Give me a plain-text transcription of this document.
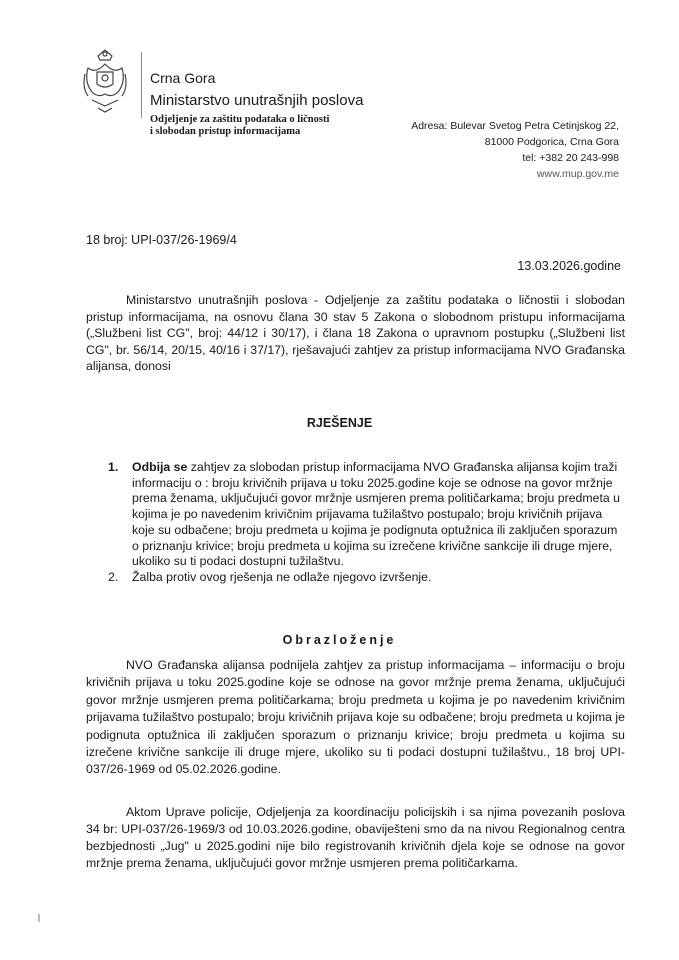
Crna Gora
Ministarstvo unutrašnjih poslova
Odjeljenje za zaštitu podataka o ličnosti
i slobodan pristup informacijama	Adresa: Bulevar Svetog Petra Cetinjskog 22,
81000 Podgorica, Crna Gora
tel: +382 20 243-998
www.mup.gov.me
18 broj: UPI-037/26-1969/4
13.03.2026.godine
Ministarstvo unutrašnjih poslova - Odjeljenje za zaštitu podataka o ličnostii i slobodan pristup informacijama, na osnovu člana 30 stav 5 Zakona o slobodnom pristupu informacijama („Službeni list CG", broj: 44/12 i 30/17), i člana 18 Zakona o upravnom postupku („Službeni list CG", br. 56/14, 20/15, 40/16 i 37/17), rješavajući zahtjev za pristup informacijama NVO Građanska alijansa, donosi
RJEŠENJE
1.	Odbija se zahtjev za slobodan pristup informacijama NVO Građanska alijansa kojim traži informaciju o : broju krivičnih prijava u toku 2025.godine koje se odnose na govor mržnje prema ženama, uključujući govor mržnje usmjeren prema političarkama; broju predmeta u kojima je po navedenim krivičnim prijavama tužilaštvo postupalo; broju krivičnih prijava koje su odbačene; broju predmeta u kojima je podignuta optužnica ili zaključen sporazum o priznanju krivice; broju predmeta u kojima su izrečene krivične sankcije ili druge mjere, ukoliko su ti podaci dostupni tužilaštvu.
2.	Žalba protiv ovog rješenja ne odlaže njegovo izvršenje.
Obrazloženje
NVO Građanska alijansa podnijela zahtjev za pristup informacijama – informaciju o broju krivičnih prijava u toku 2025.godine koje se odnose na govor mržnje prema ženama, uključujući govor mržnje usmjeren prema političarkama; broju predmeta u kojima je po navedenim krivičnim prijavama tužilaštvo postupalo; broju krivičnih prijava koje su odbačene; broju predmeta u kojima je podignuta optužnica ili zaključen sporazum o priznanju krivice; broju predmeta u kojima su izrečene krivične sankcije ili druge mjere, ukoliko su ti podaci dostupni tužilaštvu., 18 broj UPI-037/26-1969 od 05.02.2026.godine.
Aktom Uprave policije, Odjeljenja za koordinaciju policijskih i sa njima povezanih poslova 34 br: UPI-037/26-1969/3 od 10.03.2026.godine, obaviješteni smo da na nivou Regionalnog centra bezbjednosti „Jug" u 2025.godini nije bilo registrovanih krivičnih djela koje se odnose na govor mržnje prema ženama, uključujući govor mržnje usmjeren prema političarkama.
